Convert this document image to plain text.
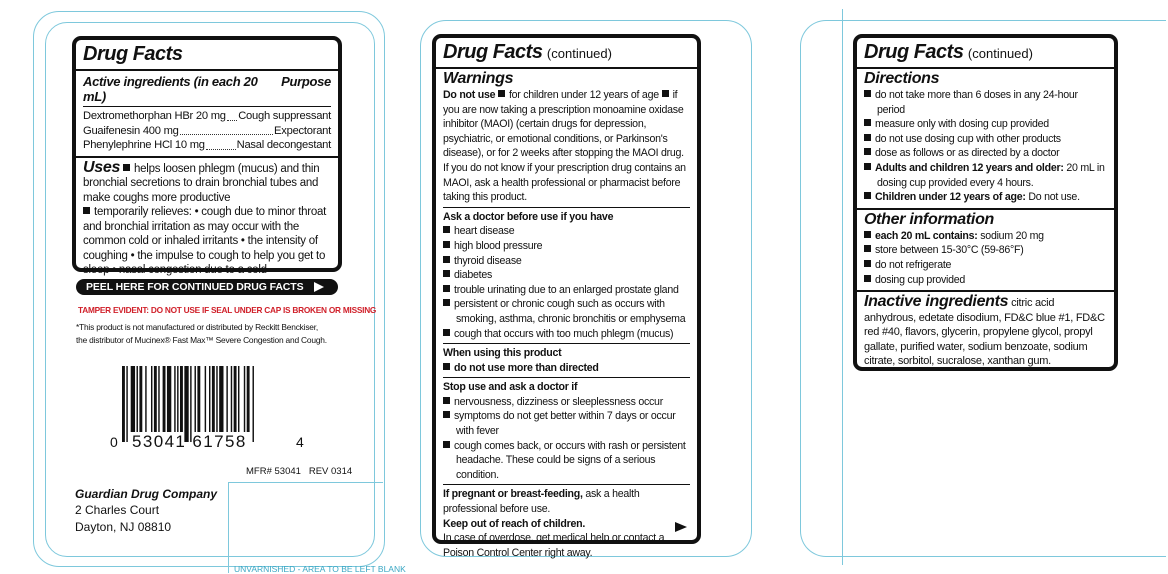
Drug Facts
Active ingredients (in each 20 mL)
Purpose
Dextromethorphan HBr 20 mg Cough suppressant
Guaifenesin 400 mg	Expectorant
Phenylephrine HCl 10 mg	Nasal decongestant
Uses helps loosen phlegm (mucus) and thin bronchial secretions to drain bronchial tubes and make coughs more productive
temporarily relieves: • cough due to minor throat and bronchial irritation as may occur with the common cold or inhaled irritants • the intensity of coughing • the impulse to cough to help you get to sleep • nasal congestion due to a cold
PEEL HERE FOR CONTINUED DRUG FACTS
TAMPER EVIDENT: DO NOT USE IF SEAL UNDER CAP IS BROKEN OR MISSING
*This product is not manufactured or distributed by Reckitt Benckiser,
the distributor of Mucinex® Fast Max™ Severe Congestion and Cough.
0 53041 61758	4
MFR# 53041 REV 0314
Guardian Drug Company
2 Charles Court
Dayton, NJ 08810
UNVARNISHED - AREA TO BE LEFT BLANK
Drug Facts (continued)
Warnings
Do not use for children under 12 years of age if you are now taking a prescription monoamine oxidase inhibitor (MAOI) (certain drugs for depression, psychiatric, or emotional conditions, or Parkinson's disease), or for 2 weeks after stopping the MAOI drug. If you do not know if your prescription drug contains an MAOI, ask a health professional or pharmacist before taking this product.
Ask a doctor before use if you have
heart disease
high blood pressure
thyroid disease
diabetes
trouble urinating due to an enlarged prostate gland
persistent or chronic cough such as occurs with smoking, asthma, chronic bronchitis or emphysema
cough that occurs with too much phlegm (mucus)
When using this product
do not use more than directed
Stop use and ask a doctor if
nervousness, dizziness or sleeplessness occur
symptoms do not get better within 7 days or occur with fever
cough comes back, or occurs with rash or persistent headache. These could be signs of a serious condition.
If pregnant or breast-feeding, ask a health professional before use.
Keep out of reach of children.
In case of overdose, get medical help or contact a Poison Control Center right away.
Drug Facts (continued)
Directions
do not take more than 6 doses in any 24-hour period
measure only with dosing cup provided
do not use dosing cup with other products
dose as follows or as directed by a doctor
Adults and children 12 years and older: 20 mL in dosing cup provided every 4 hours.
Children under 12 years of age: Do not use.
Other information
each 20 mL contains: sodium 20 mg
store between 15-30°C (59-86°F)
do not refrigerate
dosing cup provided
Inactive ingredients citric acid anhydrous, edetate disodium, FD&C blue #1, FD&C red #40, flavors, glycerin, propylene glycol, propyl gallate, purified water, sodium benzoate, sodium citrate, sorbitol, sucralose, xanthan gum.
